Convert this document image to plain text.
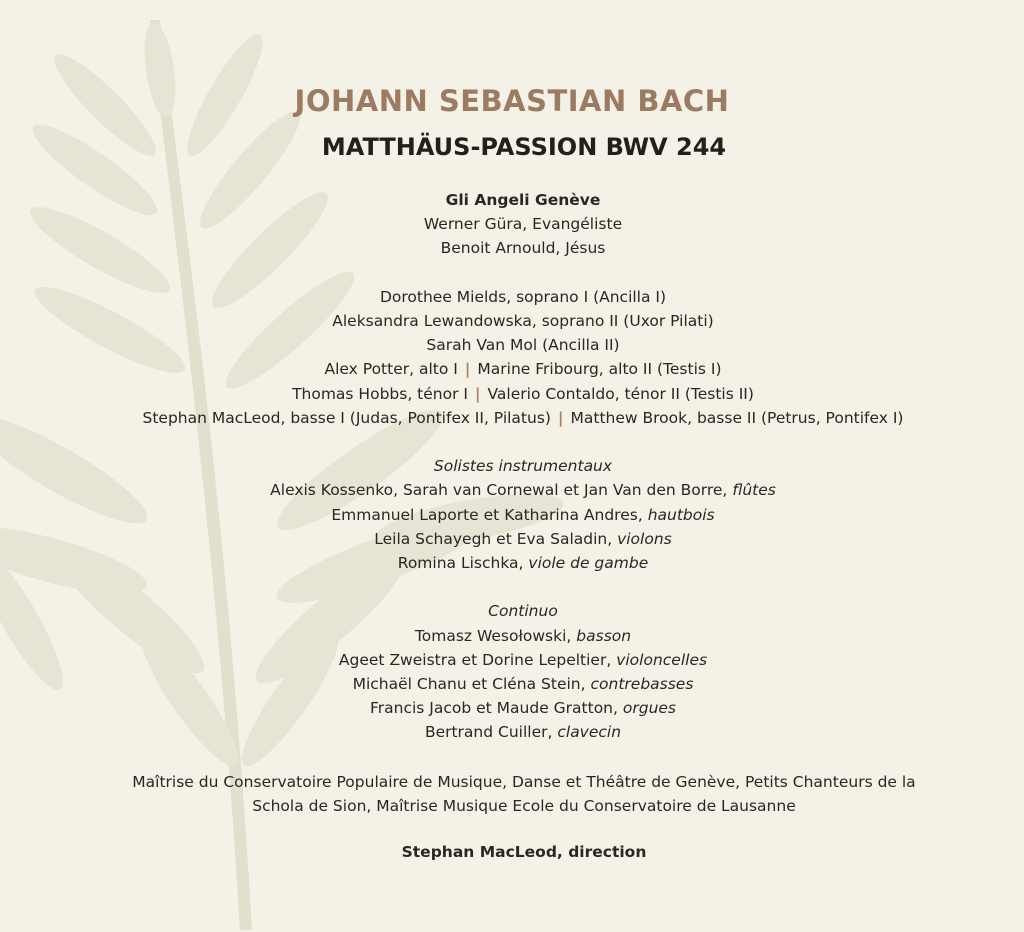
JOHANN SEBASTIAN BACH
MATTHÄUS-PASSION BWV 244
Gli Angeli Genève
Werner Güra, Evangéliste
Benoit Arnould, Jésus
Dorothee Mields, soprano I (Ancilla I)
Aleksandra Lewandowska, soprano II (Uxor Pilati)
Sarah Van Mol (Ancilla II)
Alex Potter, alto I | Marine Fribourg, alto II (Testis I)
Thomas Hobbs, ténor I | Valerio Contaldo, ténor II (Testis II)
Stephan MacLeod, basse I (Judas, Pontifex II, Pilatus) | Matthew Brook, basse II (Petrus, Pontifex I)
Solistes instrumentaux
Alexis Kossenko, Sarah van Cornewal et Jan Van den Borre, flûtes
Emmanuel Laporte et Katharina Andres, hautbois
Leila Schayegh et Eva Saladin, violons
Romina Lischka, viole de gambe
Continuo
Tomasz Wesołowski, basson
Ageet Zweistra et Dorine Lepeltier, violoncelles
Michaël Chanu et Cléna Stein, contrebasses
Francis Jacob et Maude Gratton, orgues
Bertrand Cuiller, clavecin
Maîtrise du Conservatoire Populaire de Musique, Danse et Théâtre de Genève, Petits Chanteurs de la
Schola de Sion, Maîtrise Musique Ecole du Conservatoire de Lausanne
Stephan MacLeod, direction
